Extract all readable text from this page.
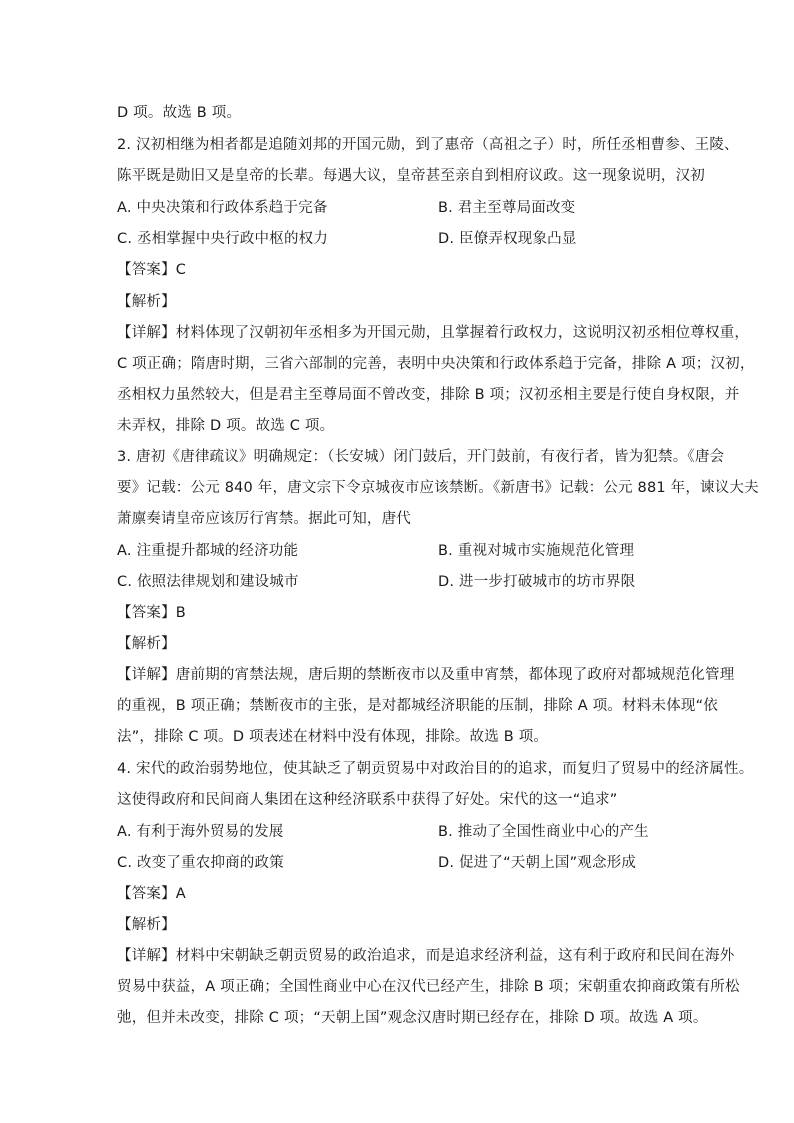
D 项。故选 B 项。
2. 汉初相继为相者都是追随刘邦的开国元勋，到了惠帝（高祖之子）时，所任丞相曹参、王陵、
陈平既是勋旧又是皇帝的长辈。每遇大议，皇帝甚至亲自到相府议政。这一现象说明，汉初
A. 中央决策和行政体系趋于完备	B. 君主至尊局面改变
C. 丞相掌握中央行政中枢的权力	D. 臣僚弄权现象凸显
【答案】C
【解析】
【详解】材料体现了汉朝初年丞相多为开国元勋，且掌握着行政权力，这说明汉初丞相位尊权重，
C 项正确；隋唐时期，三省六部制的完善，表明中央决策和行政体系趋于完备，排除 A 项；汉初，
丞相权力虽然较大，但是君主至尊局面不曾改变，排除 B 项；汉初丞相主要是行使自身权限，并
未弄权，排除 D 项。故选 C 项。
3. 唐初《唐律疏议》明确规定：（长安城）闭门鼓后，开门鼓前，有夜行者，皆为犯禁。《唐会
要》记载：公元 840 年，唐文宗下令京城夜市应该禁断。《新唐书》记载：公元 881 年，谏议大夫
萧廪奏请皇帝应该厉行宵禁。据此可知，唐代
A. 注重提升都城的经济功能	B. 重视对城市实施规范化管理
C. 依照法律规划和建设城市	D. 进一步打破城市的坊市界限
【答案】B
【解析】
【详解】唐前期的宵禁法规，唐后期的禁断夜市以及重申宵禁，都体现了政府对都城规范化管理
的重视，B 项正确；禁断夜市的主张，是对都城经济职能的压制，排除 A 项。材料未体现“依
法”，排除 C 项。D 项表述在材料中没有体现，排除。故选 B 项。
4. 宋代的政治弱势地位，使其缺乏了朝贡贸易中对政治目的的追求，而复归了贸易中的经济属性。
这使得政府和民间商人集团在这种经济联系中获得了好处。宋代的这一“追求”
A. 有利于海外贸易的发展	B. 推动了全国性商业中心的产生
C. 改变了重农抑商的政策	D. 促进了“天朝上国”观念形成
【答案】A
【解析】
【详解】材料中宋朝缺乏朝贡贸易的政治追求，而是追求经济利益，这有利于政府和民间在海外
贸易中获益，A 项正确；全国性商业中心在汉代已经产生，排除 B 项；宋朝重农抑商政策有所松
弛，但并未改变，排除 C 项；“天朝上国”观念汉唐时期已经存在，排除 D 项。故选 A 项。
